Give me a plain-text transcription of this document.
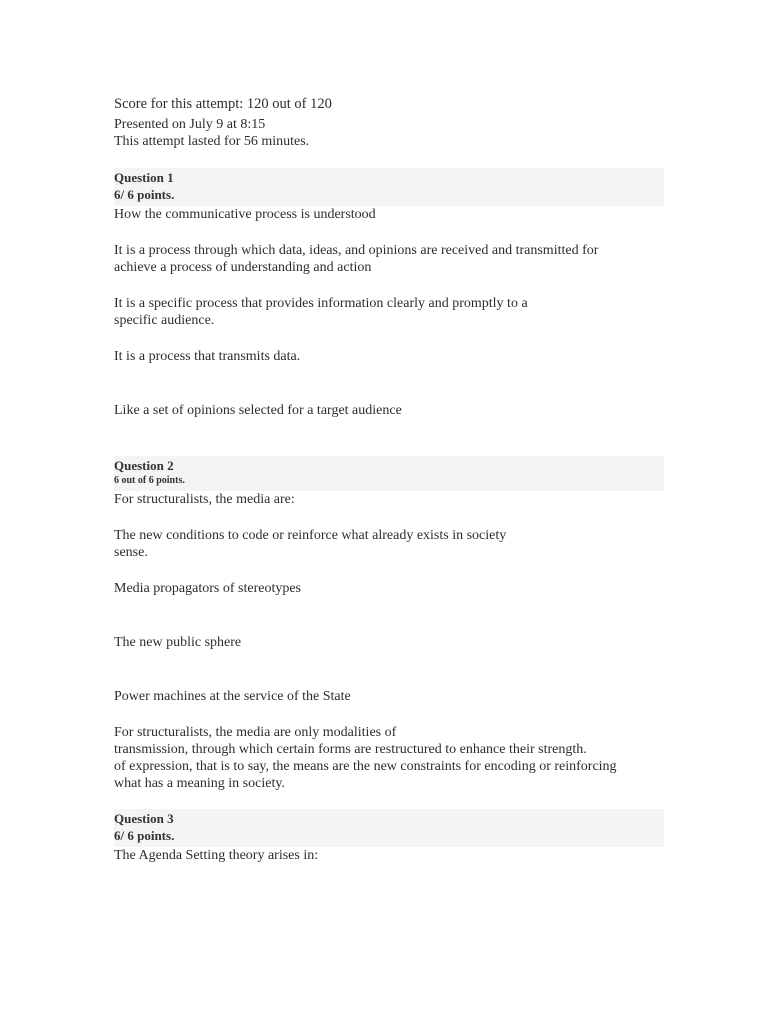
Score for this attempt: 120 out of 120
Presented on July 9 at 8:15
This attempt lasted for 56 minutes.
Question 1
6/ 6 points.
How the communicative process is understood
It is a process through which data, ideas, and opinions are received and transmitted for
achieve a process of understanding and action
It is a specific process that provides information clearly and promptly to a
specific audience.
It is a process that transmits data.
Like a set of opinions selected for a target audience
Question 2
6 out of 6 points.
For structuralists, the media are:
The new conditions to code or reinforce what already exists in society
sense.
Media propagators of stereotypes
The new public sphere
Power machines at the service of the State
For structuralists, the media are only modalities of
transmission, through which certain forms are restructured to enhance their strength.
of expression, that is to say, the means are the new constraints for encoding or reinforcing
what has a meaning in society.
Question 3
6/ 6 points.
The Agenda Setting theory arises in:
